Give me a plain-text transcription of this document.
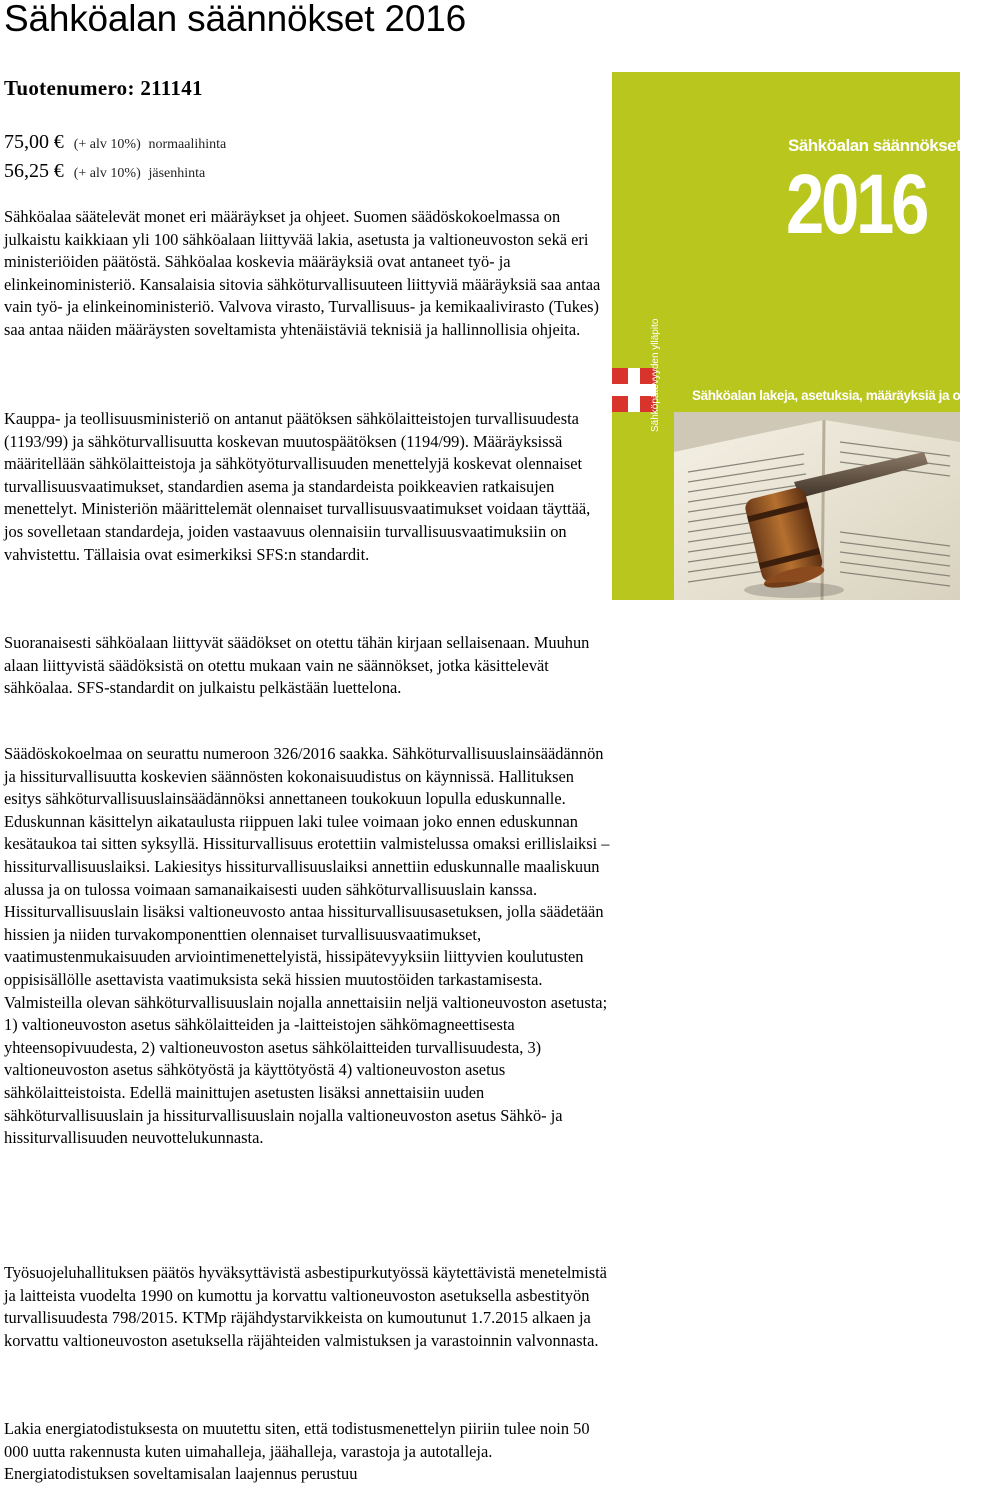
Sähköalan säännökset 2016
Tuotenumero: 211141
75,00 € (+ alv 10%) normaalihinta
56,25 € (+ alv 10%) jäsenhinta

Sähköalaa säätelevät monet eri määräykset ja ohjeet. Suomen säädöskokoelmassa on julkaistu kaikkiaan yli 100 sähköalaan liittyvää lakia, asetusta ja valtioneuvoston sekä eri ministeriöiden päätöstä. Sähköalaa koskevia määräyksiä ovat antaneet työ- ja elinkeinoministeriö. Kansalaisia sitovia sähköturvallisuuteen liittyviä määräyksiä saa antaa vain työ- ja elinkeinoministeriö. Valvova virasto, Turvallisuus- ja kemikaalivirasto (Tukes) saa antaa näiden määräysten soveltamista yhtenäistäviä teknisiä ja hallinnollisia ohjeita.

Kauppa- ja teollisuusministeriö on antanut päätöksen sähkölaitteistojen turvallisuudesta (1193/99) ja sähköturvallisuutta koskevan muutospäätöksen (1194/99). Määräyksissä määritellään sähkölaitteistoja ja sähkötyöturvallisuuden menettelyjä koskevat olennaiset turvallisuusvaatimukset, standardien asema ja standardeista poikkeavien ratkaisujen menettelyt. Ministeriön määrittelemät olennaiset turvallisuusvaatimukset voidaan täyttää, jos sovelletaan standardeja, joiden vastaavuus olennaisiin turvallisuusvaatimuksiin on vahvistettu. Tällaisia ovat esimerkiksi SFS:n standardit.

Suoranaisesti sähköalaan liittyvät säädökset on otettu tähän kirjaan sellaisenaan. Muuhun alaan liittyvistä säädöksistä on otettu mukaan vain ne säännökset, jotka käsittelevät sähköalaa. SFS-standardit on julkaistu pelkästään luettelona.

Säädöskokoelmaa on seurattu numeroon 326/2016 saakka. Sähköturvallisuuslainsäädännön ja hissiturvallisuutta koskevien säännösten kokonaisuudistus on käynnissä. Hallituksen esitys sähköturvallisuuslainsäädännöksi annettaneen toukokuun lopulla eduskunnalle. Eduskunnan käsittelyn aikataulusta riippuen laki tulee voimaan joko ennen eduskunnan kesätaukoa tai sitten syksyllä. Hissiturvallisuus erotettiin valmistelussa omaksi erillislaiksi – hissiturvallisuuslaiksi. Lakiesitys hissiturvallisuuslaiksi annettiin eduskunnalle maaliskuun alussa ja on tulossa voimaan samanaikaisesti uuden sähköturvallisuuslain kanssa. Hissiturvallisuuslain lisäksi valtioneuvosto antaa hissiturvallisuusasetuksen, jolla säädetään hissien ja niiden turvakomponenttien olennaiset turvallisuusvaatimukset, vaatimustenmukaisuuden arviointimenettelyistä, hissipätevyyksiin liittyvien koulutusten oppisisällölle asettavista vaatimuksista sekä hissien muutostöiden tarkastamisesta. Valmisteilla olevan sähköturvallisuuslain nojalla annettaisiin neljä valtioneuvoston asetusta; 1) valtioneuvoston asetus sähkölaitteiden ja -laitteistojen sähkömagneettisesta yhteensopivuudesta, 2) valtioneuvoston asetus sähkölaitteiden turvallisuudesta, 3) valtioneuvoston asetus sähkötyöstä ja käyttötyöstä 4) valtioneuvoston asetus sähkölaitteistoista. Edellä mainittujen asetusten lisäksi annettaisiin uuden sähköturvallisuuslain ja hissiturvallisuuslain nojalla valtioneuvoston asetus Sähkö- ja hissiturvallisuuden neuvottelukunnasta.

Työsuojeluhallituksen päätös hyväksyttävistä asbestipurkutyössä käytettävistä menetelmistä ja laitteista vuodelta 1990 on kumottu ja korvattu valtioneuvoston asetuksella asbestityön turvallisuudesta 798/2015. KTMp räjähdystarvikkeista on kumoutunut 1.7.2015 alkaen ja korvattu valtioneuvoston asetuksella räjähteiden valmistuksen ja varastoinnin valvonnasta.

Lakia energiatodistuksesta on muutettu siten, että todistusmenettelyn piiriin tulee noin 50 000 uutta rakennusta kuten uimahalleja, jäähalleja, varastoja ja autotalleja. Energiatodistuksen soveltamisalan laajennus perustuu

Sähköalan säännökset
2016
Sähköalan lakeja, asetuksia, määräyksiä ja ohjeita
Sähköpätevyyden ylläpito
